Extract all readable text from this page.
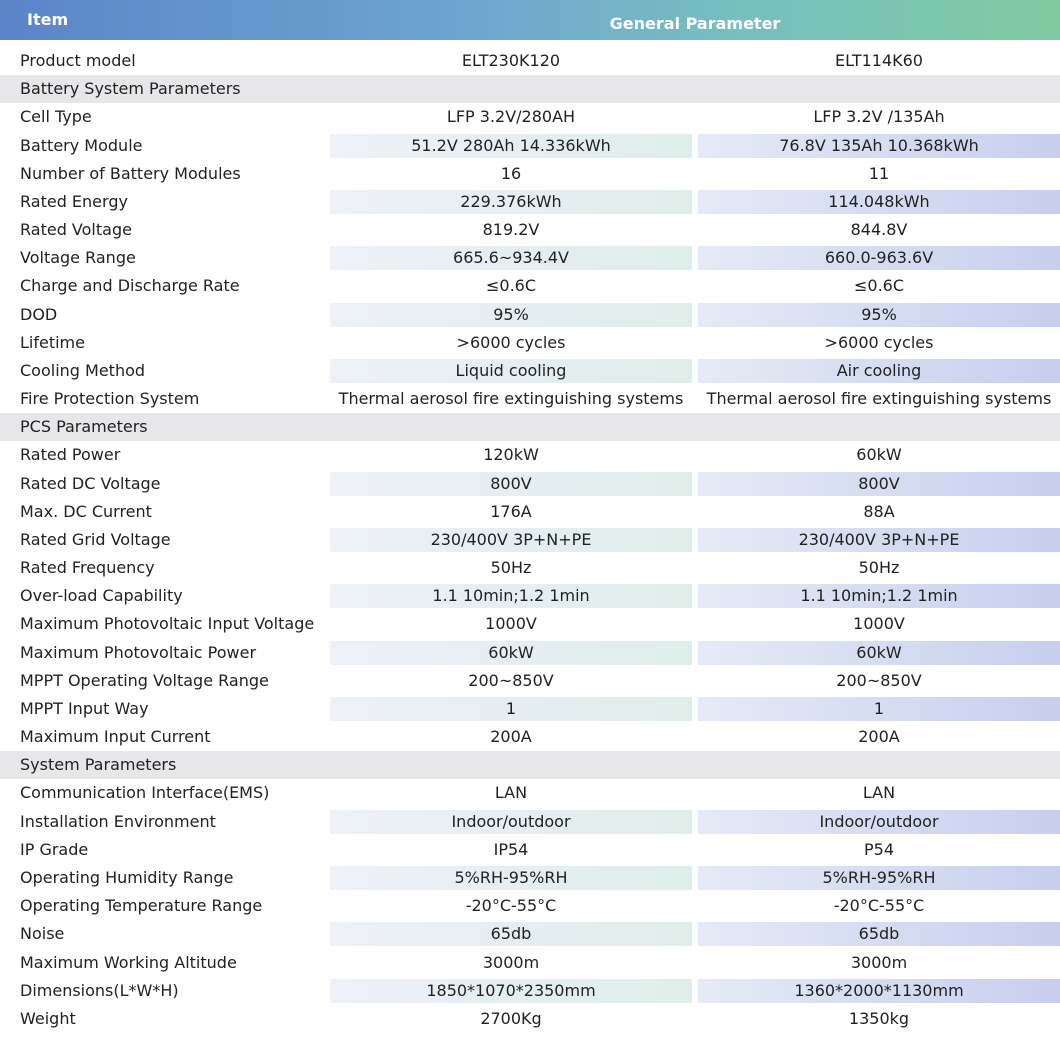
Item	General Parameter
Product model	ELT230K120	ELT114K60
Battery System Parameters
Cell Type	LFP 3.2V/280AH	LFP 3.2V /135Ah
Battery Module	51.2V 280Ah 14.336kWh	76.8V 135Ah 10.368kWh
Number of Battery Modules	16	11
Rated Energy	229.376kWh	114.048kWh
Rated Voltage	819.2V	844.8V
Voltage Range	665.6~934.4V	660.0-963.6V
Charge and Discharge Rate	≤0.6C	≤0.6C
DOD	95%	95%
Lifetime	>6000 cycles	>6000 cycles
Cooling Method	Liquid cooling	Air cooling
Fire Protection System	Thermal aerosol fire extinguishing systems	Thermal aerosol fire extinguishing systems
PCS Parameters
Rated Power	120kW	60kW
Rated DC Voltage	800V	800V
Max. DC Current	176A	88A
Rated Grid Voltage	230/400V 3P+N+PE	230/400V 3P+N+PE
Rated Frequency	50Hz	50Hz
Over-load Capability	1.1 10min;1.2 1min	1.1 10min;1.2 1min
Maximum Photovoltaic Input Voltage	1000V	1000V
Maximum Photovoltaic Power	60kW	60kW
MPPT Operating Voltage Range	200~850V	200~850V
MPPT Input Way	1	1
Maximum Input Current	200A	200A
System Parameters
Communication Interface(EMS)	LAN	LAN
Installation Environment	Indoor/outdoor	Indoor/outdoor
IP Grade	IP54	P54
Operating Humidity Range	5%RH-95%RH	5%RH-95%RH
Operating Temperature Range	-20°C-55°C	-20°C-55°C
Noise	65db	65db
Maximum Working Altitude	3000m	3000m
Dimensions(L*W*H)	1850*1070*2350mm	1360*2000*1130mm
Weight	2700Kg	1350kg
